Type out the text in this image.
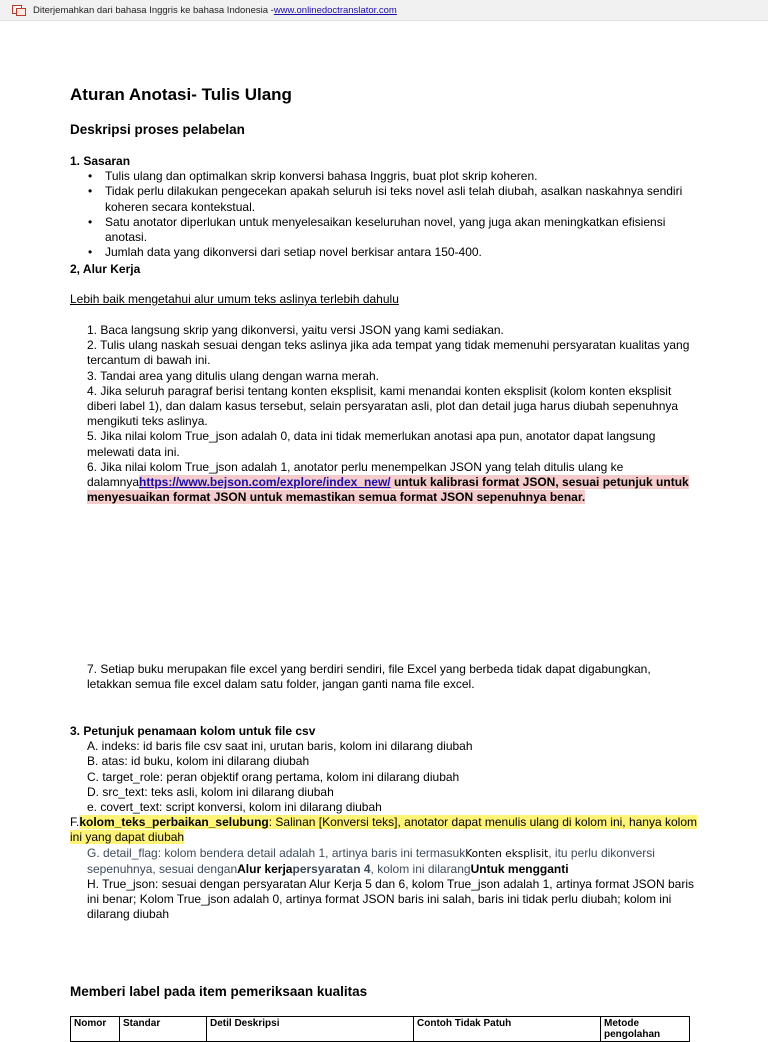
Diterjemahkan dari bahasa Inggris ke bahasa Indonesia - www.onlinedoctranslator.com
Aturan Anotasi- Tulis Ulang
Deskripsi proses pelabelan
1. Sasaran
• Tulis ulang dan optimalkan skrip konversi bahasa Inggris, buat plot skrip koheren.
• Tidak perlu dilakukan pengecekan apakah seluruh isi teks novel asli telah diubah, asalkan naskahnya sendiri koheren secara kontekstual.
• Satu anotator diperlukan untuk menyelesaikan keseluruhan novel, yang juga akan meningkatkan efisiensi anotasi.
• Jumlah data yang dikonversi dari setiap novel berkisar antara 150-400.
2, Alur Kerja
Lebih baik mengetahui alur umum teks aslinya terlebih dahulu
1. Baca langsung skrip yang dikonversi, yaitu versi JSON yang kami sediakan.
2. Tulis ulang naskah sesuai dengan teks aslinya jika ada tempat yang tidak memenuhi persyaratan kualitas yang tercantum di bawah ini.
3. Tandai area yang ditulis ulang dengan warna merah.
4. Jika seluruh paragraf berisi tentang konten eksplisit, kami menandai konten eksplisit (kolom konten eksplisit diberi label 1), dan dalam kasus tersebut, selain persyaratan asli, plot dan detail juga harus diubah sepenuhnya mengikuti teks aslinya.
5. Jika nilai kolom True_json adalah 0, data ini tidak memerlukan anotasi apa pun, anotator dapat langsung melewati data ini.
6. Jika nilai kolom True_json adalah 1, anotator perlu menempelkan JSON yang telah ditulis ulang ke dalamnyahttps://www.bejson.com/explore/index_new/ untuk kalibrasi format JSON, sesuai petunjuk untuk menyesuaikan format JSON untuk memastikan semua format JSON sepenuhnya benar.
7. Setiap buku merupakan file excel yang berdiri sendiri, file Excel yang berbeda tidak dapat digabungkan, letakkan semua file excel dalam satu folder, jangan ganti nama file excel.
3. Petunjuk penamaan kolom untuk file csv
A. indeks: id baris file csv saat ini, urutan baris, kolom ini dilarang diubah
B. atas: id buku, kolom ini dilarang diubah
C. target_role: peran objektif orang pertama, kolom ini dilarang diubah
D. src_text: teks asli, kolom ini dilarang diubah
e. covert_text: script konversi, kolom ini dilarang diubah
F.kolom_teks_perbaikan_selubung: Salinan [Konversi teks], anotator dapat menulis ulang di kolom ini, hanya kolom ini yang dapat diubah
G. detail_flag: kolom bendera detail adalah 1, artinya baris ini termasukKonten eksplisit, itu perlu dikonversi sepenuhnya, sesuai denganAlur kerjapersyaratan 4, kolom ini dilarangUntuk mengganti
H. True_json: sesuai dengan persyaratan Alur Kerja 5 dan 6, kolom True_json adalah 1, artinya format JSON baris ini benar; Kolom True_json adalah 0, artinya format JSON baris ini salah, baris ini tidak perlu diubah; kolom ini dilarang diubah
Memberi label pada item pemeriksaan kualitas
Nomor	Standar	Detil Deskripsi	Contoh Tidak Patuh	Metode pengolahan
